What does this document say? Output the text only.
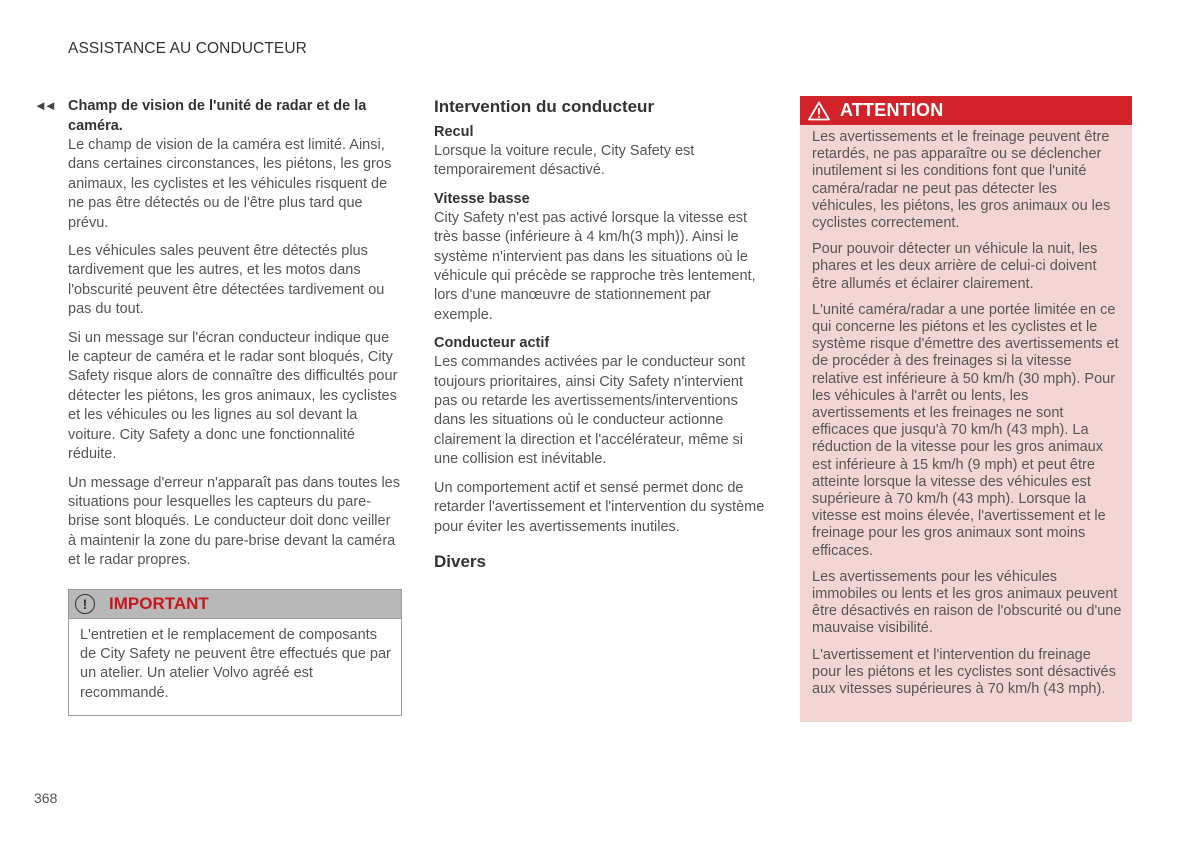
ASSISTANCE AU CONDUCTEUR
◄◄ Champ de vision de l'unité de radar et de la caméra.

Le champ de vision de la caméra est limité. Ainsi, dans certaines circonstances, les piétons, les gros animaux, les cyclistes et les véhicules risquent de ne pas être détectés ou de l'être plus tard que prévu.

Les véhicules sales peuvent être détectés plus tardivement que les autres, et les motos dans l'obscurité peuvent être détectées tardivement ou pas du tout.

Si un message sur l'écran conducteur indique que le capteur de caméra et le radar sont bloqués, City Safety risque alors de connaître des difficultés pour détecter les piétons, les gros animaux, les cyclistes et les véhicules ou les lignes au sol devant la voiture. City Safety a donc une fonctionnalité réduite.

Un message d'erreur n'apparaît pas dans toutes les situations pour lesquelles les capteurs du pare-brise sont bloqués. Le conducteur doit donc veiller à maintenir la zone du pare-brise devant la caméra et le radar propres.

!	IMPORTANT

L'entretien et le remplacement de composants de City Safety ne peuvent être effectués que par un atelier. Un atelier Volvo agréé est recommandé.

Intervention du conducteur
Recul

Lorsque la voiture recule, City Safety est temporairement désactivé.

Vitesse basse

City Safety n'est pas activé lorsque la vitesse est très basse (inférieure à 4 km/h(3 mph)). Ainsi le système n'intervient pas dans les situations où le véhicule qui précède se rapproche très lentement, lors d'une manœuvre de stationnement par exemple.

Conducteur actif

Les commandes activées par le conducteur sont toujours prioritaires, ainsi City Safety n'intervient pas ou retarde les avertissements/interventions dans les situations où le conducteur actionne clairement la direction et l'accélérateur, même si une collision est inévitable.

Un comportement actif et sensé permet donc de retarder l'avertissement et l'intervention du système pour éviter les avertissements inutiles.

Divers
ATTENTION

Les avertissements et le freinage peuvent être retardés, ne pas apparaître ou se déclencher inutilement si les conditions font que l'unité caméra/radar ne peut pas détecter les véhicules, les piétons, les gros animaux ou les cyclistes correctement.

Pour pouvoir détecter un véhicule la nuit, les phares et les deux arrière de celui-ci doivent être allumés et éclairer clairement.

L'unité caméra/radar a une portée limitée en ce qui concerne les piétons et les cyclistes et le système risque d'émettre des avertissements et de procéder à des freinages si la vitesse relative est inférieure à 50 km/h (30 mph). Pour les véhicules à l'arrêt ou lents, les avertissements et les freinages ne sont efficaces que jusqu'à 70 km/h (43 mph). La réduction de la vitesse pour les gros animaux est inférieure à 15 km/h (9 mph) et peut être atteinte lorsque la vitesse des véhicules est supérieure à 70 km/h (43 mph). Lorsque la vitesse est moins élevée, l'avertissement et le freinage pour les gros animaux sont moins efficaces.

Les avertissements pour les véhicules immobiles ou lents et les gros animaux peuvent être désactivés en raison de l'obscurité ou d'une mauvaise visibilité.

L'avertissement et l'intervention du freinage pour les piétons et les cyclistes sont désactivés aux vitesses supérieures à 70 km/h (43 mph).

368
